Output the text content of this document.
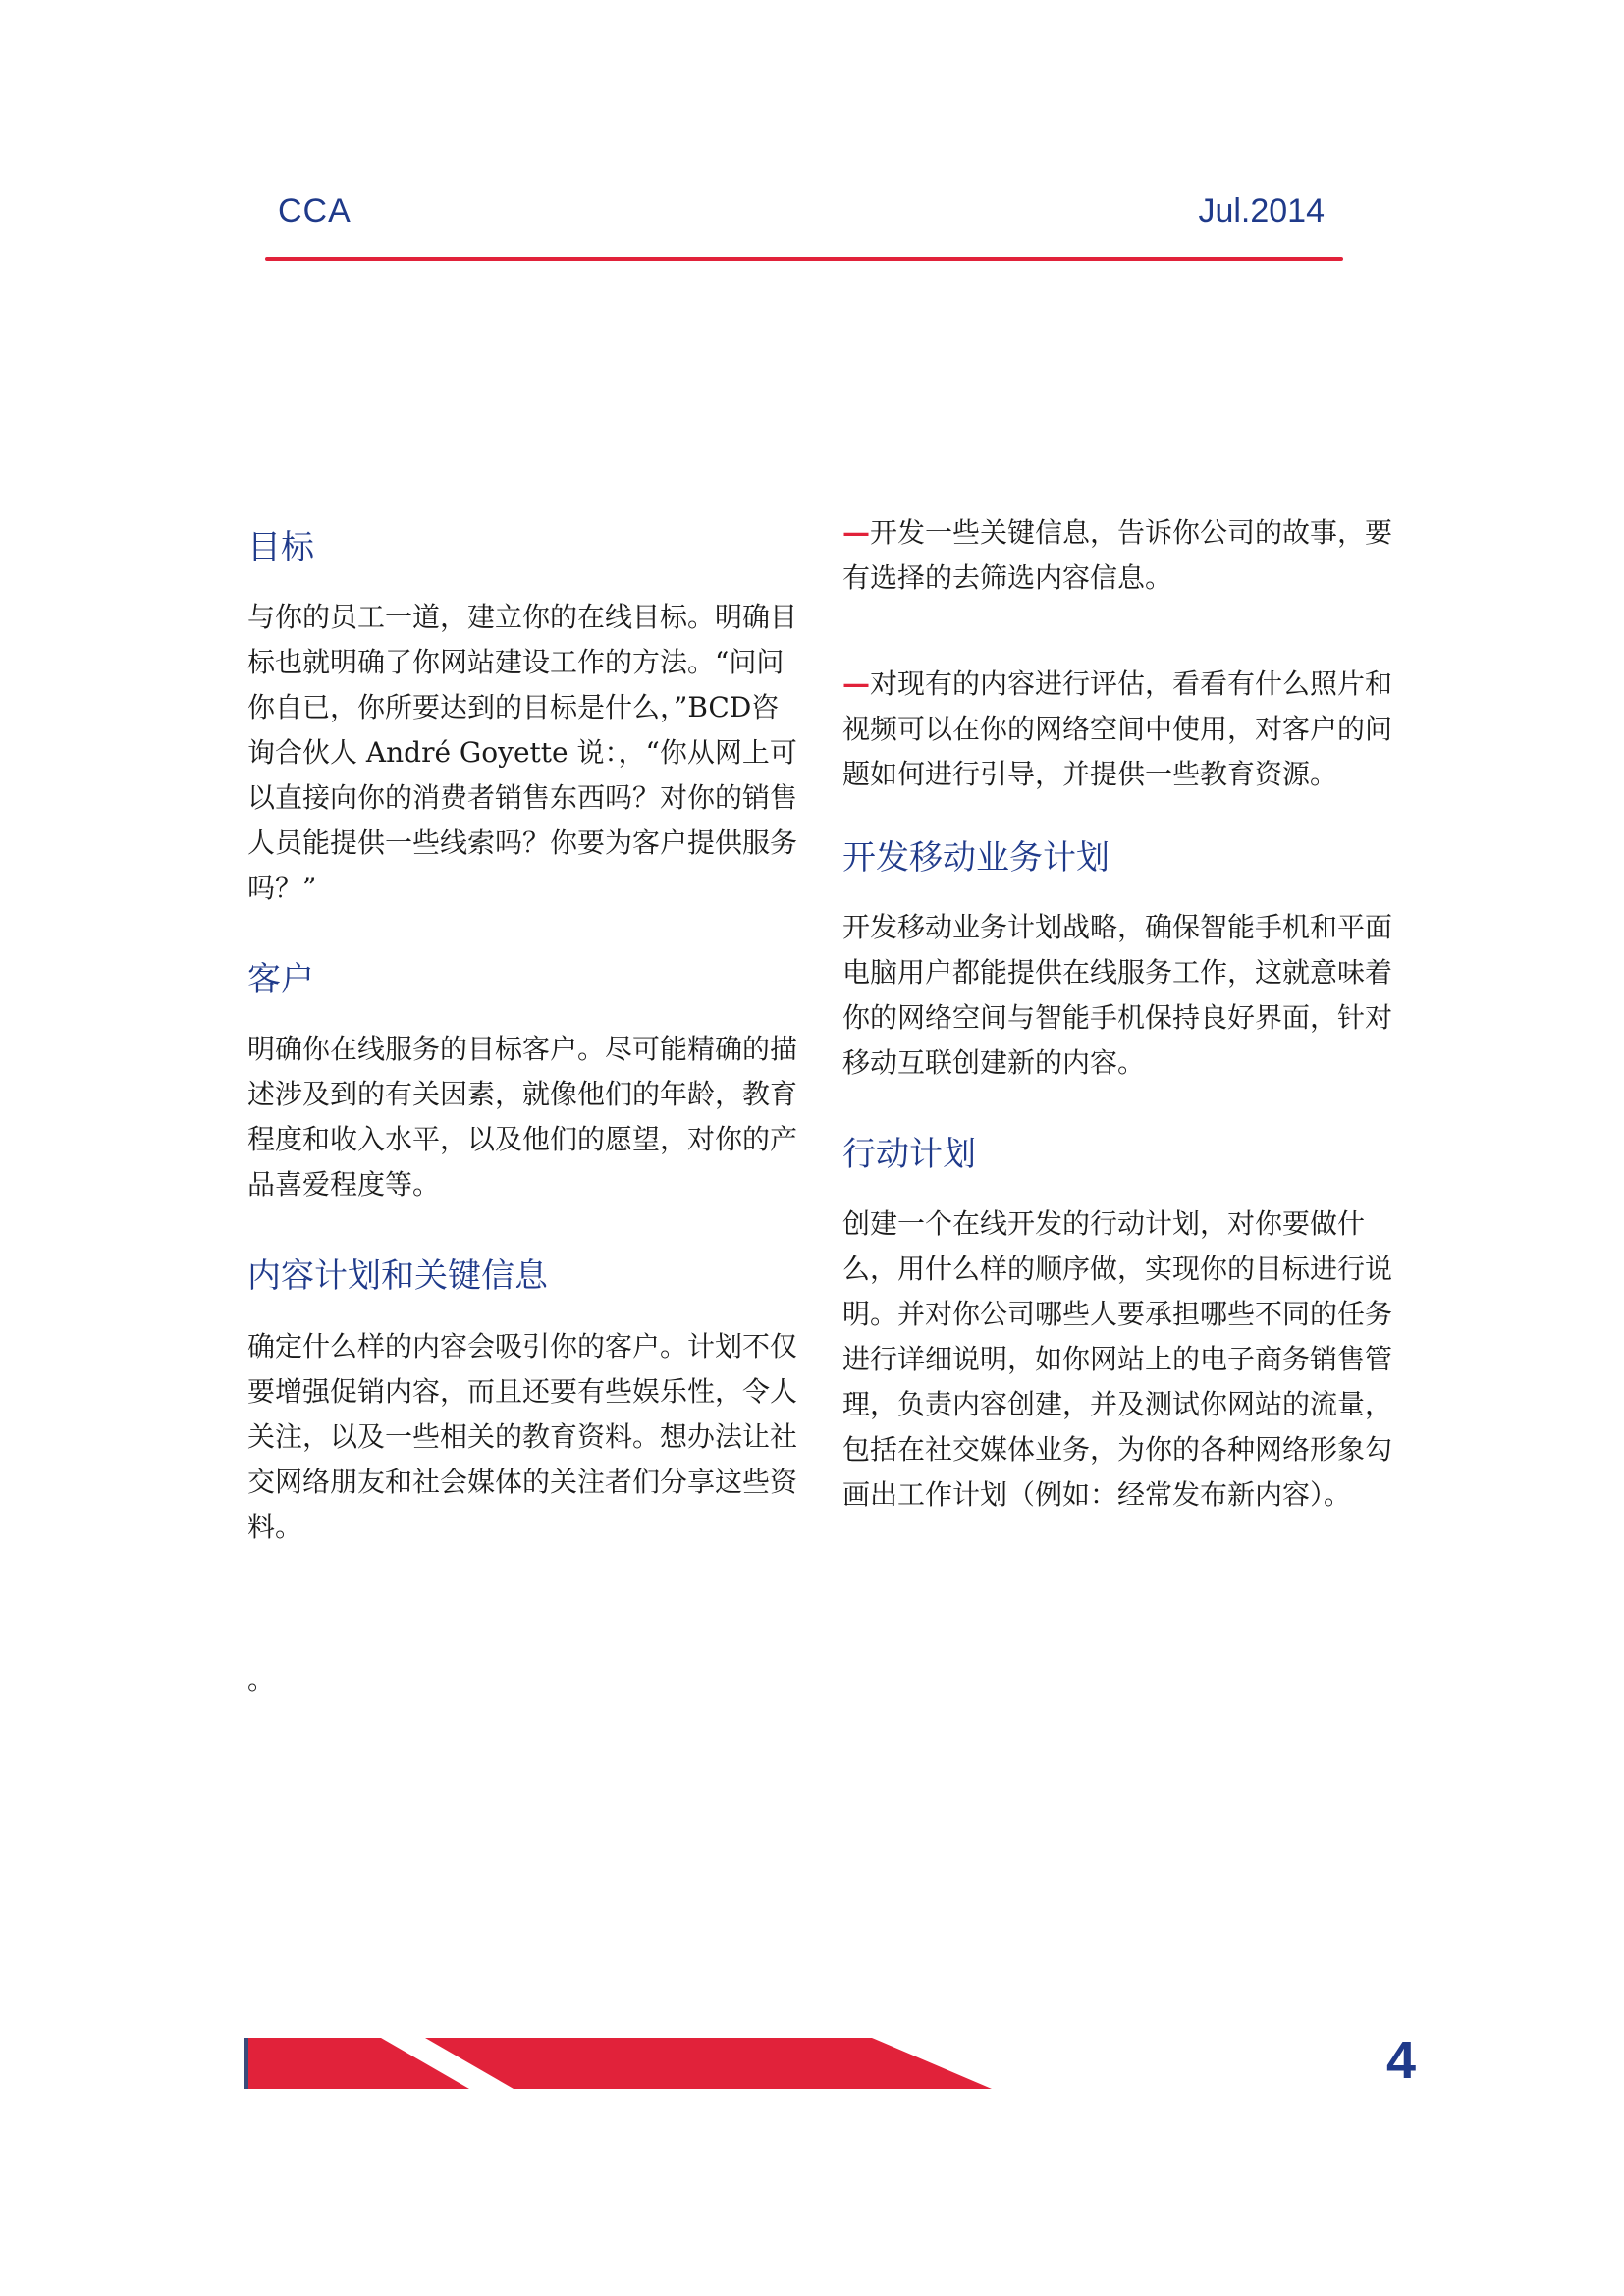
CCA	Jul.2014
目标

与你的员工一道，建立你的在线目标。明确目标也就明确了你网站建设工作的方法。“问问你自已，你所要达到的目标是什么，”BCD咨询合伙人 André Goyette 说：，“你从网上可以直接向你的消费者销售东西吗？对你的销售人员能提供一些线索吗？你要为客户提供服务吗？”

客户

明确你在线服务的目标客户。尽可能精确的描述涉及到的有关因素，就像他们的年龄，教育程度和收入水平，以及他们的愿望，对你的产品喜爱程度等。

内容计划和关键信息

确定什么样的内容会吸引你的客户。计划不仅要增强促销内容，而且还要有些娱乐性，令人关注，以及一些相关的教育资料。想办法让社交网络朋友和社会媒体的关注者们分享这些资料。

。

—开发一些关键信息，告诉你公司的故事，要有选择的去筛选内容信息。

—对现有的内容进行评估，看看有什么照片和视频可以在你的网络空间中使用，对客户的问题如何进行引导，并提供一些教育资源。

开发移动业务计划

开发移动业务计划战略，确保智能手机和平面电脑用户都能提供在线服务工作，这就意味着你的网络空间与智能手机保持良好界面，针对移动互联创建新的内容。

行动计划

创建一个在线开发的行动计划，对你要做什么，用什么样的顺序做，实现你的目标进行说明。并对你公司哪些人要承担哪些不同的任务进行详细说明，如你网站上的电子商务销售管理，负责内容创建，并及测试你网站的流量，包括在社交媒体业务，为你的各种网络形象勾画出工作计划（例如：经常发布新内容）。

4
